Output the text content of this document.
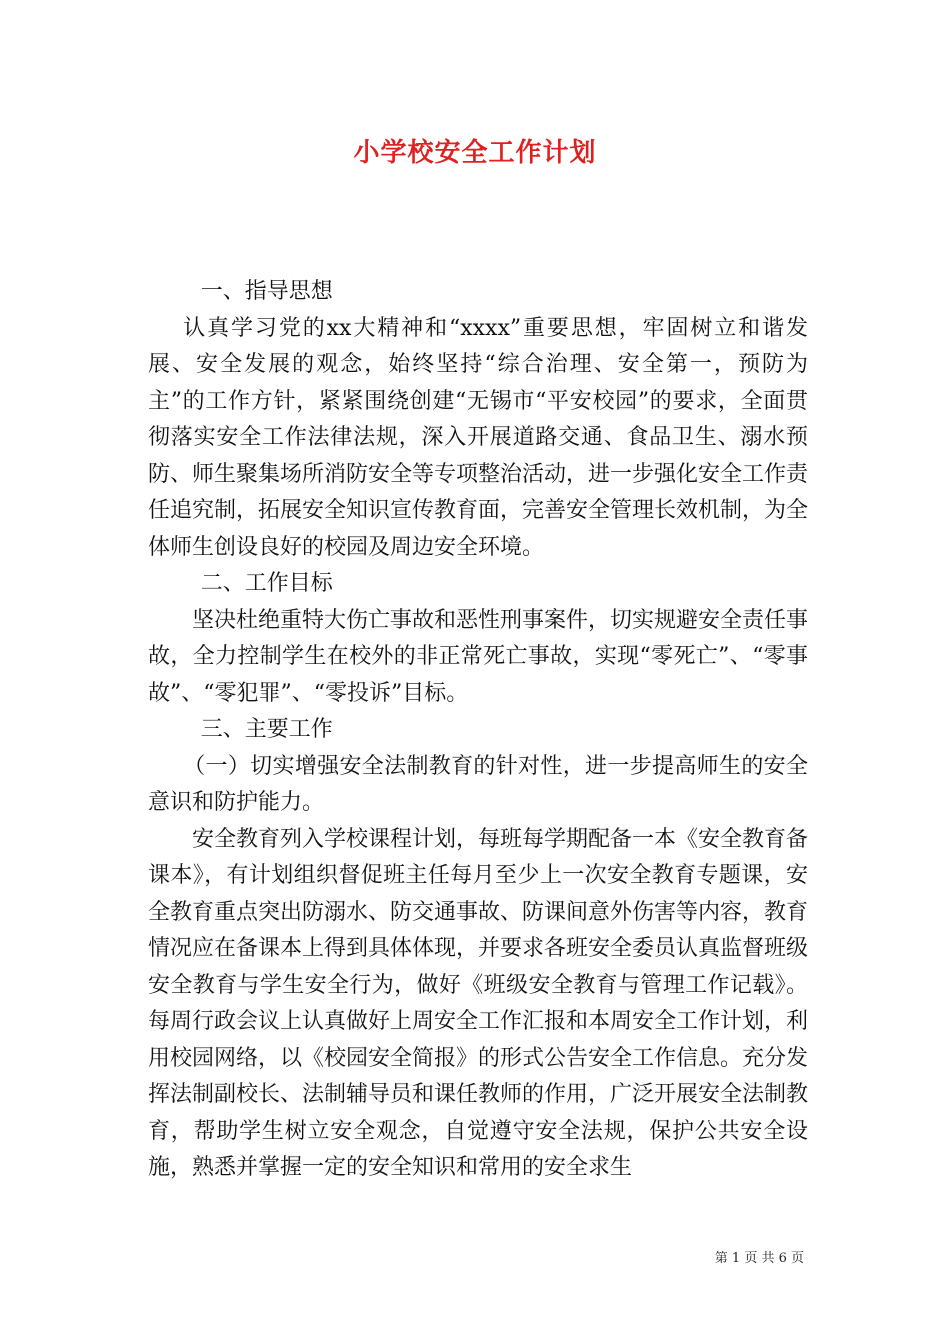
小学校安全工作计划

一、指导思想

认真学习党的xx大精神和“xxxx”重要思想，牢固树立和谐发展、安全发展的观念，始终坚持“综合治理、安全第一，预防为主”的工作方针，紧紧围绕创建“无锡市“平安校园”的要求，全面贯彻落实安全工作法律法规，深入开展道路交通、食品卫生、溺水预防、师生聚集场所消防安全等专项整治活动，进一步强化安全工作责任追究制，拓展安全知识宣传教育面，完善安全管理长效机制，为全体师生创设良好的校园及周边安全环境。

二、工作目标

坚决杜绝重特大伤亡事故和恶性刑事案件，切实规避安全责任事故，全力控制学生在校外的非正常死亡事故，实现“零死亡”、“零事故”、“零犯罪”、“零投诉”目标。

三、主要工作

（一）切实增强安全法制教育的针对性，进一步提高师生的安全意识和防护能力。

安全教育列入学校课程计划，每班每学期配备一本《安全教育备课本》，有计划组织督促班主任每月至少上一次安全教育专题课，安全教育重点突出防溺水、防交通事故、防课间意外伤害等内容，教育情况应在备课本上得到具体体现，并要求各班安全委员认真监督班级安全教育与学生安全行为，做好《班级安全教育与管理工作记载》。每周行政会议上认真做好上周安全工作汇报和本周安全工作计划，利用校园网络，以《校园安全简报》的形式公告安全工作信息。充分发挥法制副校长、法制辅导员和课任教师的作用，广泛开展安全法制教育，帮助学生树立安全观念，自觉遵守安全法规，保护公共安全设施，熟悉并掌握一定的安全知识和常用的安全求生

第 1 页 共 6 页
